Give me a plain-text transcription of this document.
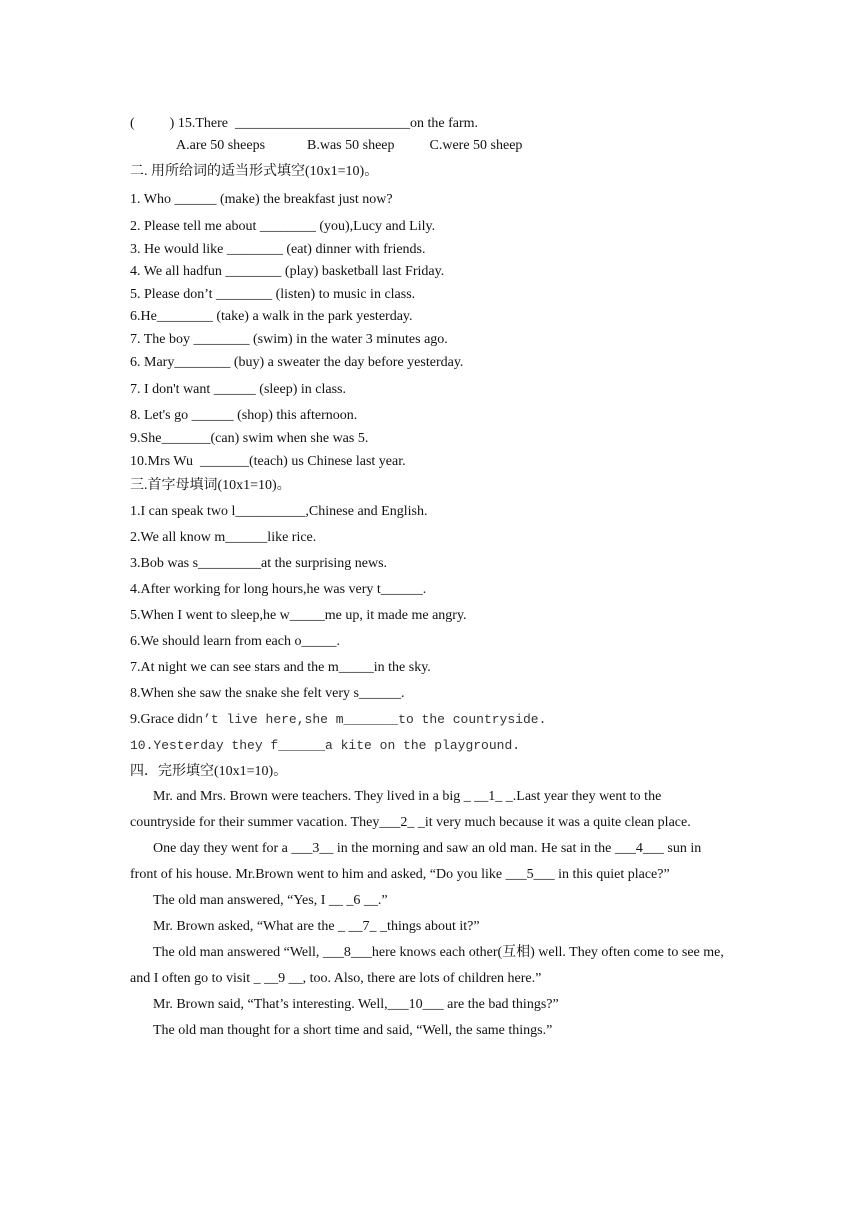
(          ) 15.There  _________________________on the farm.
A.are 50 sheeps            B.was 50 sheep          C.were 50 sheep
二. 用所给词的适当形式填空(10x1=10)。
1. Who ______ (make) the breakfast just now?
2. Please tell me about ________ (you),Lucy and Lily.
3. He would like ________ (eat) dinner with friends.
4. We all hadfun ________ (play) basketball last Friday.
5. Please don’t ________ (listen) to music in class.
6.He________ (take) a walk in the park yesterday.
7. The boy ________ (swim) in the water 3 minutes ago.
6. Mary________ (buy) a sweater the day before yesterday.
7. I don't want ______ (sleep) in class.
8. Let's go ______ (shop) this afternoon.
9.She_______(can) swim when she was 5.
10.Mrs Wu  _______(teach) us Chinese last year.
三.首字母填词(10x1=10)。
1.I can speak two l__________,Chinese and English.
2.We all know m______like rice.
3.Bob was s_________at the surprising news.
4.After working for long hours,he was very t______.
5.When I went to sleep,he w_____me up, it made me angry.
6.We should learn from each o_____.
7.At night we can see stars and the m_____in the sky.
8.When she saw the snake she felt very s______.
9.Grace didn’t live here,she m_______to the countryside.
10.Yesterday they f______a kite on the playground.
四．完形填空(10x1=10)。

Mr. and Mrs. Brown were teachers. They lived in a big _ __1_ _.Last year they went to the countryside for their summer vacation. They___2_ _it very much because it was a quite clean place.

One day they went for a ___3__ in the morning and saw an old man. He sat in the ___4___ sun in front of his house. Mr.Brown went to him and asked, “Do you like ___5___ in this quiet place?”

The old man answered, “Yes, I __ _6 __.”

Mr. Brown asked, “What are the _ __7_ _things about it?”

The old man answered “Well, ___8___here knows each other(互相) well. They often come to see me, and I often go to visit _ __9 __, too. Also, there are lots of children here.”

Mr. Brown said, “That’s interesting. Well,___10___ are the bad things?”

The old man thought for a short time and said, “Well, the same things.”
